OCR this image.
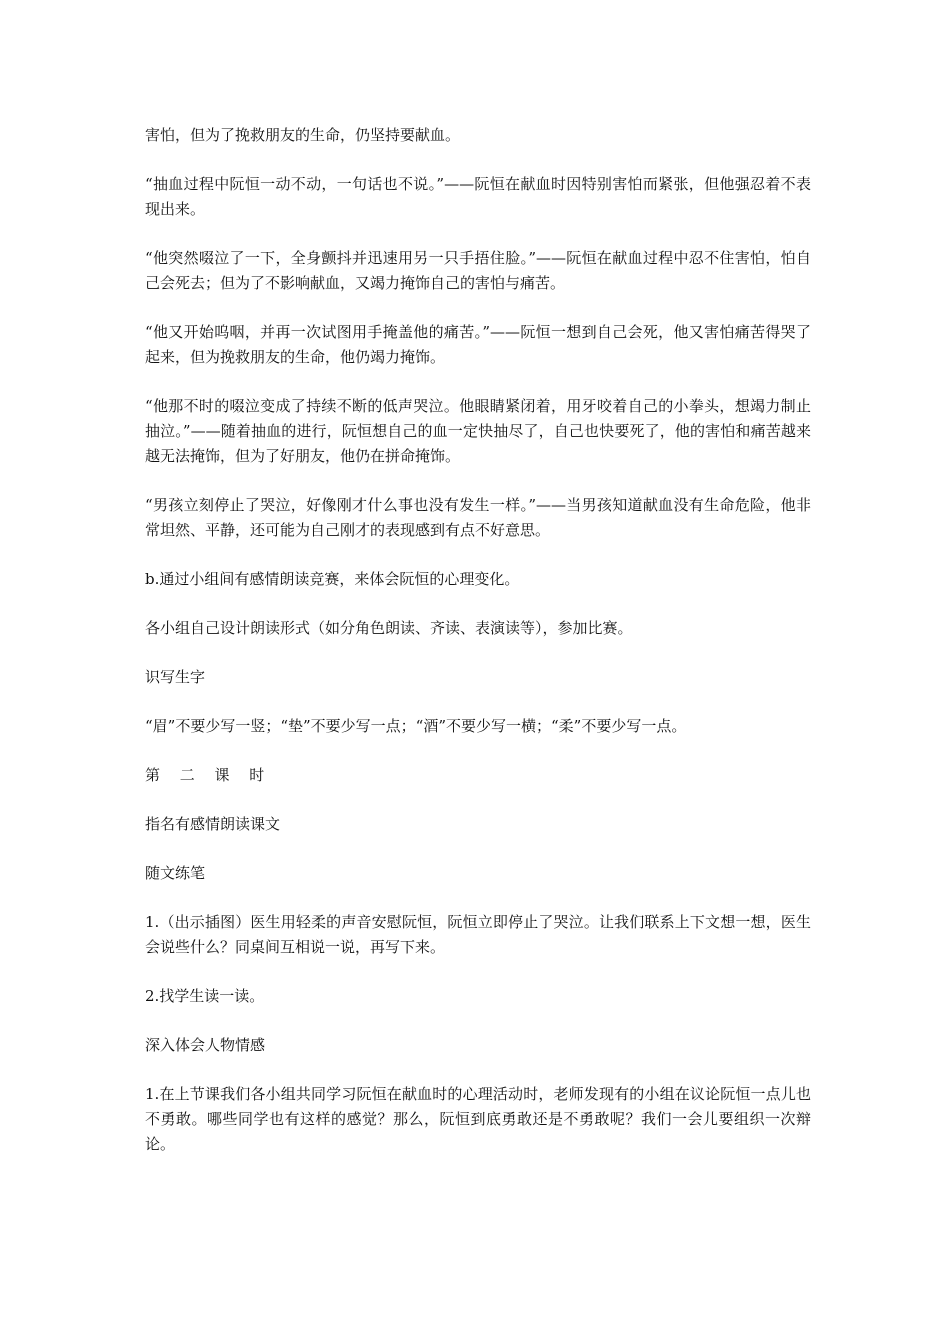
害怕，但为了挽救朋友的生命，仍坚持要献血。

“抽血过程中阮恒一动不动，一句话也不说。”——阮恒在献血时因特别害怕而紧张，但他强忍着不表现出来。

“他突然啜泣了一下，全身颤抖并迅速用另一只手捂住脸。”——阮恒在献血过程中忍不住害怕，怕自己会死去；但为了不影响献血，又竭力掩饰自己的害怕与痛苦。

“他又开始呜咽，并再一次试图用手掩盖他的痛苦。”——阮恒一想到自己会死，他又害怕痛苦得哭了起来，但为挽救朋友的生命，他仍竭力掩饰。

“他那不时的啜泣变成了持续不断的低声哭泣。他眼睛紧闭着，用牙咬着自己的小拳头，想竭力制止抽泣。”——随着抽血的进行，阮恒想自己的血一定快抽尽了，自己也快要死了，他的害怕和痛苦越来越无法掩饰，但为了好朋友，他仍在拼命掩饰。

“男孩立刻停止了哭泣，好像刚才什么事也没有发生一样。”——当男孩知道献血没有生命危险，他非常坦然、平静，还可能为自己刚才的表现感到有点不好意思。

b.通过小组间有感情朗读竞赛，来体会阮恒的心理变化。

各小组自己设计朗读形式（如分角色朗读、齐读、表演读等），参加比赛。

识写生字

“眉”不要少写一竖；“垫”不要少写一点；“酒”不要少写一横；“柔”不要少写一点。

第 二 课 时

指名有感情朗读课文

随文练笔

1.（出示插图）医生用轻柔的声音安慰阮恒，阮恒立即停止了哭泣。让我们联系上下文想一想，医生会说些什么？同桌间互相说一说，再写下来。

2.找学生读一读。

深入体会人物情感

1.在上节课我们各小组共同学习阮恒在献血时的心理活动时，老师发现有的小组在议论阮恒一点儿也不勇敢。哪些同学也有这样的感觉？那么，阮恒到底勇敢还是不勇敢呢？我们一会儿要组织一次辩论。
